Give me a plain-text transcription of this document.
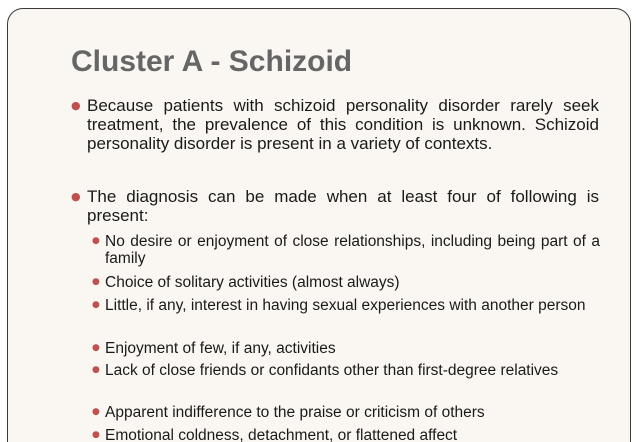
Cluster A - Schizoid
● Because patients with schizoid personality disorder rarely seek treatment, the prevalence of this condition is unknown. Schizoid personality disorder is present in a variety of contexts.
● The diagnosis can be made when at least four of following is present:
● No desire or enjoyment of close relationships, including being part of a family
● Choice of solitary activities (almost always)
● Little, if any, interest in having sexual experiences with another person
● Enjoyment of few, if any, activities
● Lack of close friends or confidants other than first-degree relatives
● Apparent indifference to the praise or criticism of others
● Emotional coldness, detachment, or flattened affect
